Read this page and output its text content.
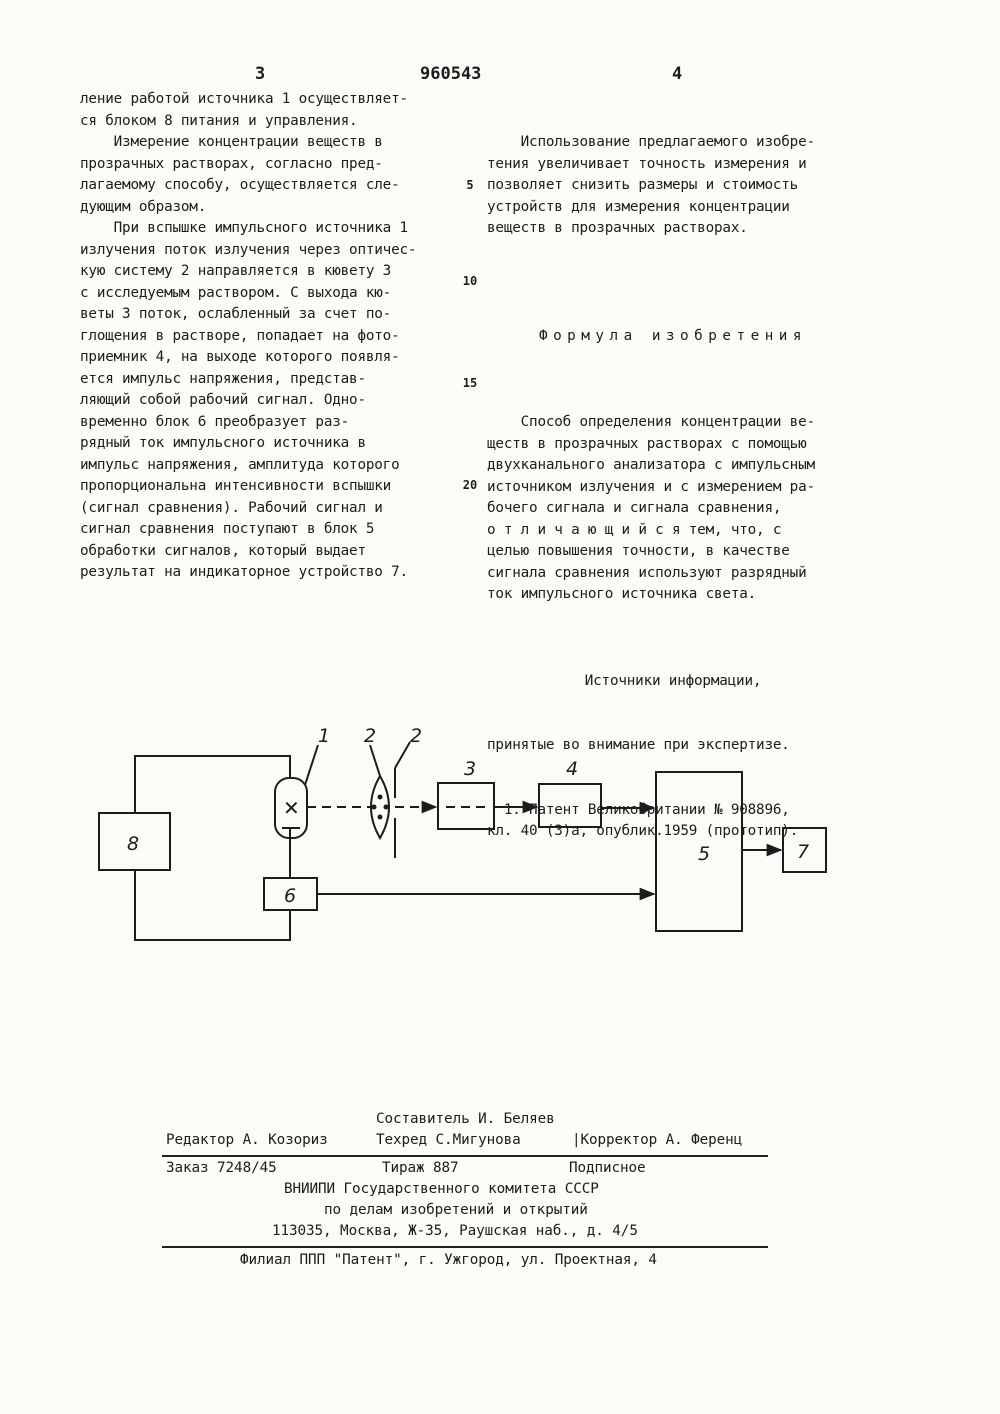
3	960543	4
ление работой источника 1 осуществляет-
ся блоком 8 питания и управления.
Измерение концентрации веществ в
прозрачных растворах, согласно пред-
лагаемому способу, осуществляется сле-
дующим образом.
При вспышке импульсного источника 1
излучения поток излучения через оптичес-
кую систему 2 направляется в кювету 3
с исследуемым раствором. С выхода кю-
веты 3 поток, ослабленный за счет по-
глощения в растворе, попадает на фото-
приемник 4, на выходе которого появля-
ется импульс напряжения, представ-
ляющий собой рабочий сигнал. Одно-
временно блок 6 преобразует раз-
рядный ток импульсного источника в
импульс напряжения, амплитуда которого
пропорциональна интенсивности вспышки
(сигнал сравнения). Рабочий сигнал и
сигнал сравнения поступают в блок 5
обработки сигналов, который выдает
результат на индикаторное устройство 7.
5
10
15
20

Использование предлагаемого изобре-
тения увеличивает точность измерения и
позволяет снизить размеры и стоимость
устройств для измерения концентрации
веществ в прозрачных растворах.

Формула изобретения

Способ определения концентрации ве-
ществ в прозрачных растворах с помощью
двухканального анализатора с импульсным
источником излучения и с измерением ра-
бочего сигнала и сигнала сравнения,
о т л и ч а ю щ и й с я тем, что, с
целью повышения точности, в качестве
сигнала сравнения используют разрядный
ток импульсного источника света.

Источники информации,

принятые во внимание при экспертизе.

1. Патент Великобритании № 908896,
кл. 40 (3)а, опублик.1959 (прототип).

✕
1 2 2
3	4
8
6
5	7
Составитель И. Беляев
Редактор А. Козориз	Техред С.Мигунова	|Корректор А. Ференц
Заказ 7248/45	Тираж 887	Подписное
ВНИИПИ Государственного комитета СССР
по делам изобретений и открытий
113035, Москва, Ж-35, Раушская наб., д. 4/5
Филиал ППП "Патент", г. Ужгород, ул. Проектная, 4
